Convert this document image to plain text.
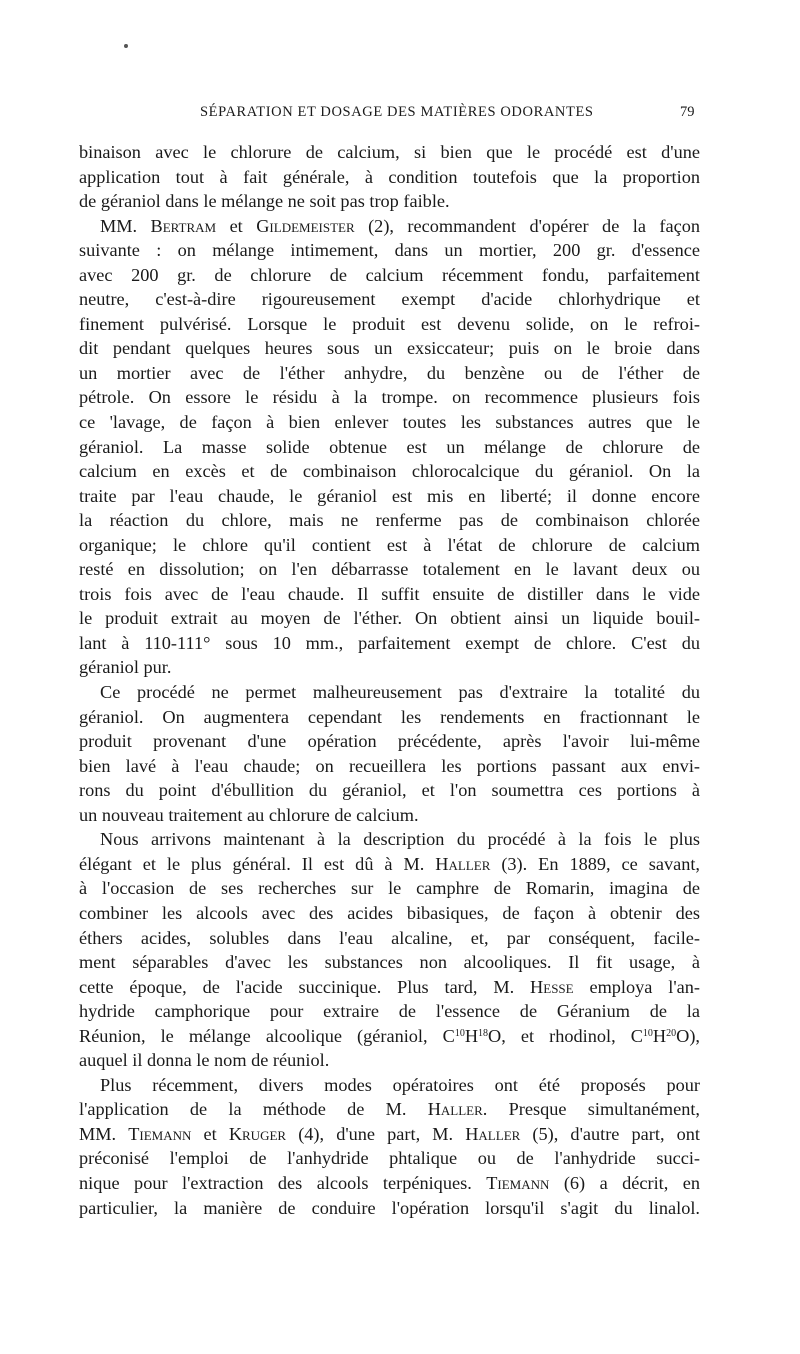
SÉPARATION ET DOSAGE DES MATIÈRES ODORANTES	79
binaison avec le chlorure de calcium, si bien que le procédé est d'une
application tout à fait générale, à condition toutefois que la proportion
de géraniol dans le mélange ne soit pas trop faible.
MM. Bertram et Gildemeister (2), recommandent d'opérer de la façon
suivante : on mélange intimement, dans un mortier, 200 gr. d'essence
avec 200 gr. de chlorure de calcium récemment fondu, parfaitement
neutre, c'est-à-dire rigoureusement exempt d'acide chlorhydrique et
finement pulvérisé. Lorsque le produit est devenu solide, on le refroi-
dit pendant quelques heures sous un exsiccateur; puis on le broie dans
un mortier avec de l'éther anhydre, du benzène ou de l'éther de
pétrole. On essore le résidu à la trompe. on recommence plusieurs fois
ce 'lavage, de façon à bien enlever toutes les substances autres que le
géraniol. La masse solide obtenue est un mélange de chlorure de
calcium en excès et de combinaison chlorocalcique du géraniol. On la
traite par l'eau chaude, le géraniol est mis en liberté; il donne encore
la réaction du chlore, mais ne renferme pas de combinaison chlorée
organique; le chlore qu'il contient est à l'état de chlorure de calcium
resté en dissolution; on l'en débarrasse totalement en le lavant deux ou
trois fois avec de l'eau chaude. Il suffit ensuite de distiller dans le vide
le produit extrait au moyen de l'éther. On obtient ainsi un liquide bouil-
lant à 110-111° sous 10 mm., parfaitement exempt de chlore. C'est du
géraniol pur.
Ce procédé ne permet malheureusement pas d'extraire la totalité du
géraniol. On augmentera cependant les rendements en fractionnant le
produit provenant d'une opération précédente, après l'avoir lui-même
bien lavé à l'eau chaude; on recueillera les portions passant aux envi-
rons du point d'ébullition du géraniol, et l'on soumettra ces portions à
un nouveau traitement au chlorure de calcium.
Nous arrivons maintenant à la description du procédé à la fois le plus
élégant et le plus général. Il est dû à M. Haller (3). En 1889, ce savant,
à l'occasion de ses recherches sur le camphre de Romarin, imagina de
combiner les alcools avec des acides bibasiques, de façon à obtenir des
éthers acides, solubles dans l'eau alcaline, et, par conséquent, facile-
ment séparables d'avec les substances non alcooliques. Il fit usage, à
cette époque, de l'acide succinique. Plus tard, M. Hesse employa l'an-
hydride camphorique pour extraire de l'essence de Géranium de la
Réunion, le mélange alcoolique (géraniol, $C^{10}H^{18}O$, et rhodinol, $C^{10}H^{20}O$),
auquel il donna le nom de réuniol.
Plus récemment, divers modes opératoires ont été proposés pour
l'application de la méthode de M. Haller. Presque simultanément,
MM. Tiemann et Kruger (4), d'une part, M. Haller (5), d'autre part, ont
préconisé l'emploi de l'anhydride phtalique ou de l'anhydride succi-
nique pour l'extraction des alcools terpéniques. Tiemann (6) a décrit, en
particulier, la manière de conduire l'opération lorsqu'il s'agit du linalol.
